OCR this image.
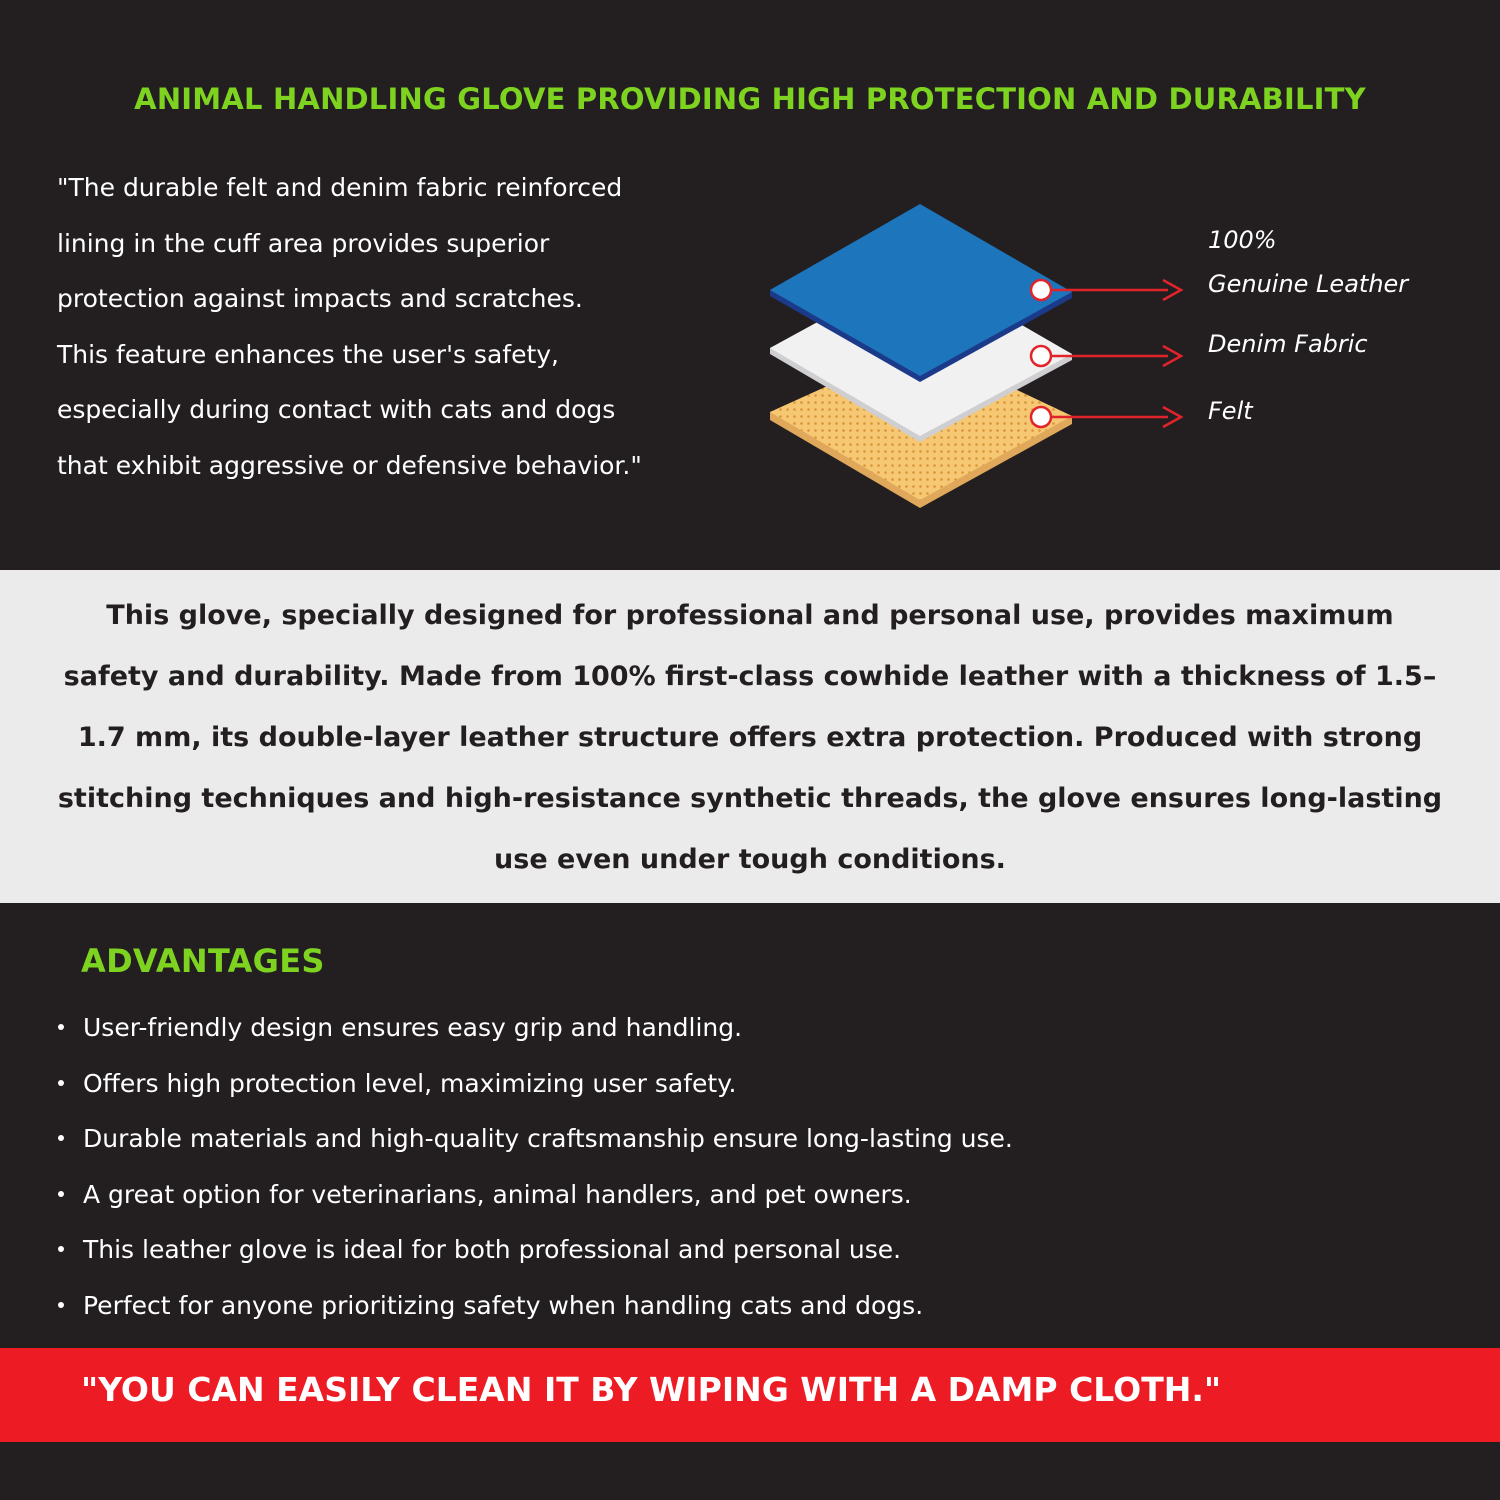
ANIMAL HANDLING GLOVE PROVIDING HIGH PROTECTION AND DURABILITY
"The durable felt and denim fabric reinforced
lining in the cuff area provides superior
protection against impacts and scratches.
This feature enhances the user's safety,
especially during contact with cats and dogs
that exhibit aggressive or defensive behavior."
100%
Genuine Leather
Denim Fabric
Felt

This glove, specially designed for professional and personal use, provides maximum safety and durability. Made from 100% first-class cowhide leather with a thickness of 1.5–1.7 mm, its double-layer leather structure offers extra protection. Produced with strong stitching techniques and high-resistance synthetic threads, the glove ensures long-lasting use even under tough conditions.

ADVANTAGES
User-friendly design ensures easy grip and handling.
Offers high protection level, maximizing user safety.
Durable materials and high-quality craftsmanship ensure long-lasting use.
A great option for veterinarians, animal handlers, and pet owners.
This leather glove is ideal for both professional and personal use.
Perfect for anyone prioritizing safety when handling cats and dogs.
"YOU CAN EASILY CLEAN IT BY WIPING WITH A DAMP CLOTH."
